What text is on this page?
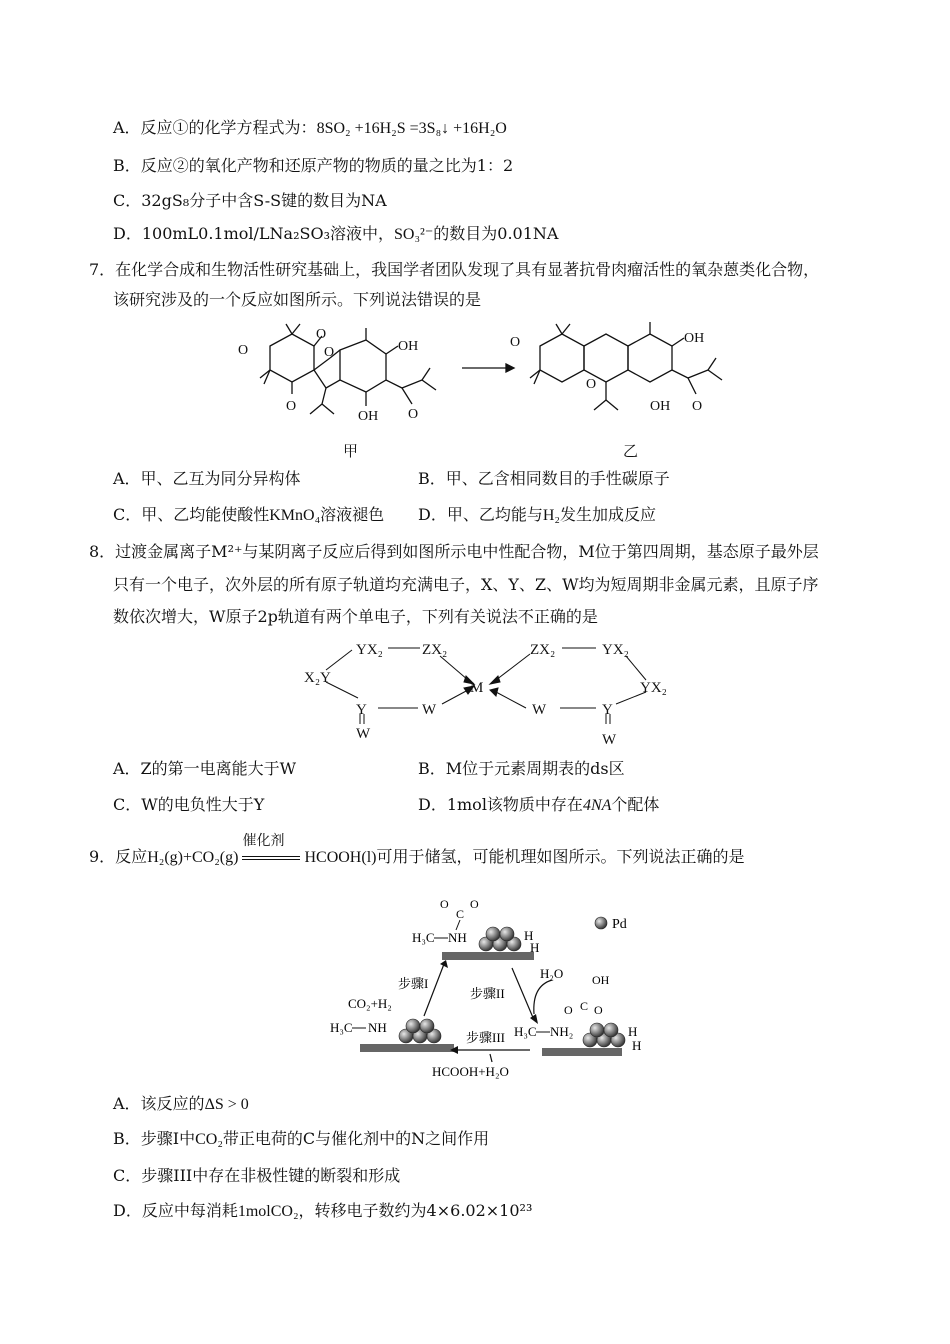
A．反应①的化学方程式为：8SO₂ +16H₂S =3S₈↓ +16H₂O
B．反应②的氧化产物和还原产物的物质的量之比为1：2
C．32gS₈分子中含S-S键的数目为NA
D．100mL0.1mol/LNa₂SO₃溶液中，SO₃²⁻的数目为0.01NA
7．在化学合成和生物活性研究基础上，我国学者团队发现了具有显著抗骨肉瘤活性的氧杂蒽类化合物，
该研究涉及的一个反应如图所示。下列说法错误的是
O
O
O
O	OH
OH O
O
O
OH
OH O
甲	乙
A．甲、乙互为同分异构体	B．甲、乙含相同数目的手性碳原子
C．甲、乙均能使酸性KMnO₄溶液褪色 D．甲、乙均能与H₂发生加成反应
8．过渡金属离子M²⁺与某阴离子反应后得到如图所示电中性配合物，M位于第四周期，基态原子最外层
只有一个电子，次外层的所有原子轨道均充满电子，X、Y、Z、W均为短周期非金属元素，且原子序
数依次增大，W原子2p轨道有两个单电子，下列有关说法不正确的是
YX₂	ZX₂
X₂Y
M
Y	W
W
ZX₂	YX₂
YX₂
W	Y
W
A．Z的第一电离能大于W	B．M位于元素周期表的ds区
C．W的电负性大于Y	D．1mol该物质中存在4NA个配体
9．反应H₂(g)+CO₂(g)
催化剂
HCOOH(l)可用于储氢，可能机理如图所示。下列说法正确的是
Pd
H₃C NH
C
O O
H
H
H₃C NH
CO₂+H₂
H₃C NH₂	H
H
OH
C
O O
步骤I
步骤II
步骤III
H₂O
HCOOH+H₂O
A．该反应的ΔS > 0
B．步骤I中CO₂带正电荷的C与催化剂中的N之间作用
C．步骤III中存在非极性键的断裂和形成
D．反应中每消耗1molCO₂，转移电子数约为4×6.02×10²³
